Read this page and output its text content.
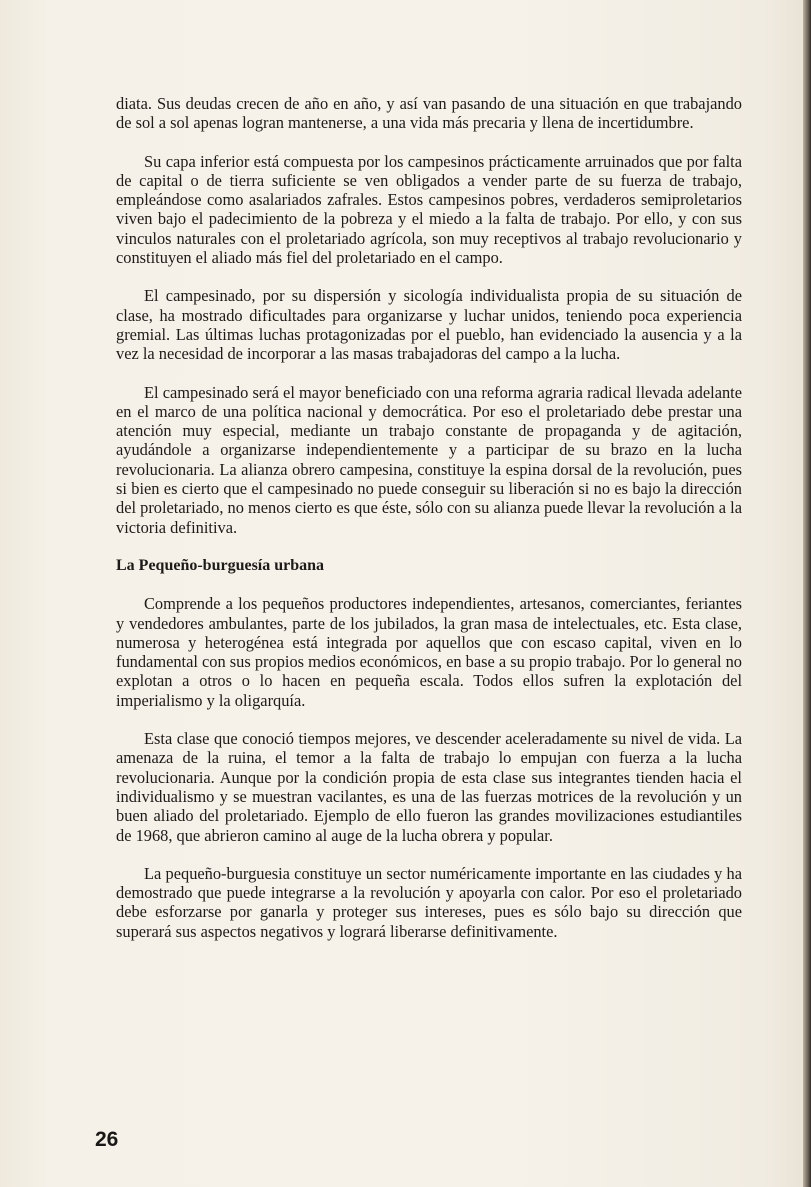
diata. Sus deudas crecen de año en año, y así van pasando de una situación en que trabajando de sol a sol apenas logran mantenerse, a una vida más precaria y llena de incertidumbre.

Su capa inferior está compuesta por los campesinos prácticamente arruinados que por falta de capital o de tierra suficiente se ven obligados a vender parte de su fuerza de trabajo, empleándose como asalariados zafrales. Estos campesinos pobres, verdaderos semiproletarios viven bajo el padecimiento de la pobreza y el miedo a la falta de trabajo. Por ello, y con sus vinculos naturales con el proletariado agrícola, son muy receptivos al trabajo revolucionario y constituyen el aliado más fiel del proletariado en el campo.

El campesinado, por su dispersión y sicología individualista propia de su situación de clase, ha mostrado dificultades para organizarse y luchar unidos, teniendo poca experiencia gremial. Las últimas luchas protagonizadas por el pueblo, han evidenciado la ausencia y a la vez la necesidad de incorporar a las masas trabajadoras del campo a la lucha.

El campesinado será el mayor beneficiado con una reforma agraria radical llevada adelante en el marco de una política nacional y democrática. Por eso el proletariado debe prestar una atención muy especial, mediante un trabajo constante de propaganda y de agitación, ayudándole a organizarse independientemente y a participar de su brazo en la lucha revolucionaria. La alianza obrero campesina, constituye la espina dorsal de la revolución, pues si bien es cierto que el campesinado no puede conseguir su liberación si no es bajo la dirección del proletariado, no menos cierto es que éste, sólo con su alianza puede llevar la revolución a la victoria definitiva.

La Pequeño-burguesía urbana

Comprende a los pequeños productores independientes, artesanos, comerciantes, feriantes y vendedores ambulantes, parte de los jubilados, la gran masa de intelectuales, etc. Esta clase, numerosa y heterogénea está integrada por aquellos que con escaso capital, viven en lo fundamental con sus propios medios económicos, en base a su propio trabajo. Por lo general no explotan a otros o lo hacen en pequeña escala. Todos ellos sufren la explotación del imperialismo y la oligarquía.

Esta clase que conoció tiempos mejores, ve descender aceleradamente su nivel de vida. La amenaza de la ruina, el temor a la falta de trabajo lo empujan con fuerza a la lucha revolucionaria. Aunque por la condición propia de esta clase sus integrantes tienden hacia el individualismo y se muestran vacilantes, es una de las fuerzas motrices de la revolución y un buen aliado del proletariado. Ejemplo de ello fueron las grandes movilizaciones estudiantiles de 1968, que abrieron camino al auge de la lucha obrera y popular.

La pequeño-burguesia constituye un sector numéricamente importante en las ciudades y ha demostrado que puede integrarse a la revolución y apoyarla con calor. Por eso el proletariado debe esforzarse por ganarla y proteger sus intereses, pues es sólo bajo su dirección que superará sus aspectos negativos y logrará liberarse definitivamente.

26
